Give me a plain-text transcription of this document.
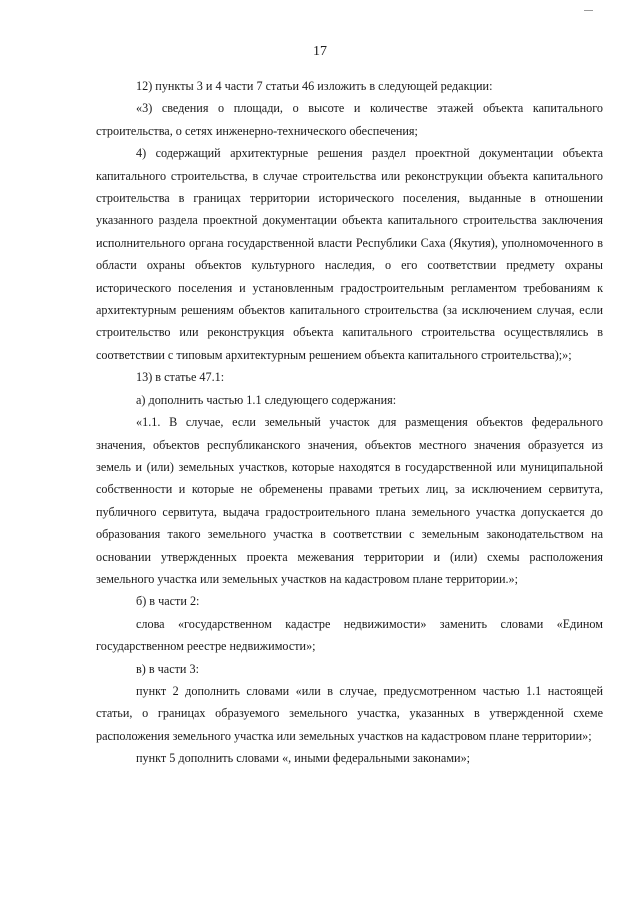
17

12) пункты 3 и 4 части 7 статьи 46 изложить в следующей редакции:

«3) сведения о площади, о высоте и количестве этажей объекта капитального строительства, о сетях инженерно-технического обеспечения;

4) содержащий архитектурные решения раздел проектной документации объекта капитального строительства, в случае строительства или реконструкции объекта капитального строительства в границах территории исторического поселения, выданные в отношении указанного раздела проектной документации объекта капитального строительства заключения исполнительного органа государственной власти Республики Саха (Якутия), уполномоченного в области охраны объектов культурного наследия, о его соответствии предмету охраны исторического поселения и установленным градостроительным регламентом требованиям к архитектурным решениям объектов капитального строительства (за исключением случая, если строительство или реконструкция объекта капитального строительства осуществлялись в соответствии с типовым архитектурным решением объекта капитального строительства);»;

13) в статье 47.1:

а) дополнить частью 1.1 следующего содержания:

«1.1. В случае, если земельный участок для размещения объектов федерального значения, объектов республиканского значения, объектов местного значения образуется из земель и (или) земельных участков, которые находятся в государственной или муниципальной собственности и которые не обременены правами третьих лиц, за исключением сервитута, публичного сервитута, выдача градостроительного плана земельного участка допускается до образования такого земельного участка в соответствии с земельным законодательством на основании утвержденных проекта межевания территории и (или) схемы расположения земельного участка или земельных участков на кадастровом плане территории.»;

б) в части 2:

слова «государственном кадастре недвижимости» заменить словами «Едином государственном реестре недвижимости»;

в) в части 3:

пункт 2 дополнить словами «или в случае, предусмотренном частью 1.1 настоящей статьи, о границах образуемого земельного участка, указанных в утвержденной схеме расположения земельного участка или земельных участков на кадастровом плане территории»;

пункт 5 дополнить словами «, иными федеральными законами»;
